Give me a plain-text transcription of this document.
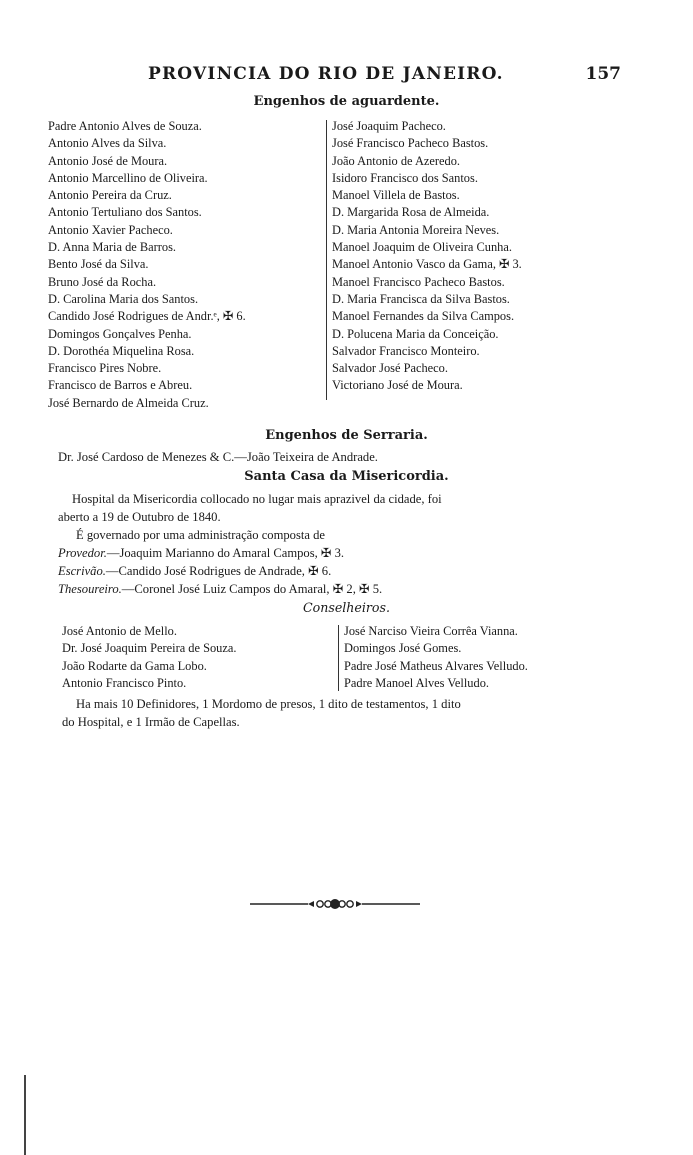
PROVINCIA DO RIO DE JANEIRO.	157
Engenhos de aguardente.
Padre Antonio Alves de Souza.
Antonio Alves da Silva.
Antonio José de Moura.
Antonio Marcellino de Oliveira.
Antonio Pereira da Cruz.
Antonio Tertuliano dos Santos.
Antonio Xavier Pacheco.
D. Anna Maria de Barros.
Bento José da Silva.
Bruno José da Rocha.
D. Carolina Maria dos Santos.
Candido José Rodrigues de Andr.ᵉ, ✠ 6.
Domingos Gonçalves Penha.
D. Dorothéa Miquelina Rosa.
Francisco Pires Nobre.
Francisco de Barros e Abreu.
José Bernardo de Almeida Cruz.
José Joaquim Pacheco.
José Francisco Pacheco Bastos.
João Antonio de Azeredo.
Isidoro Francisco dos Santos.
Manoel Villela de Bastos.
D. Margarida Rosa de Almeida.
D. Maria Antonia Moreira Neves.
Manoel Joaquim de Oliveira Cunha.
Manoel Antonio Vasco da Gama, ✠ 3.
Manoel Francisco Pacheco Bastos.
D. Maria Francisca da Silva Bastos.
Manoel Fernandes da Silva Campos.
D. Polucena Maria da Conceição.
Salvador Francisco Monteiro.
Salvador José Pacheco.
Victoriano José de Moura.
Engenhos de Serraria.
Dr. José Cardoso de Menezes & C.—João Teixeira de Andrade.
Santa Casa da Misericordia.
Hospital da Misericordia collocado no lugar mais aprazivel da cidade, foi
aberto a 19 de Outubro de 1840.
É governado por uma administração composta de
Provedor.—Joaquim Marianno do Amaral Campos, ✠ 3.
Escrivão.—Candido José Rodrigues de Andrade, ✠ 6.
Thesoureiro.—Coronel José Luiz Campos do Amaral, ✠ 2, ✠ 5.
Conselheiros.
José Antonio de Mello.
Dr. José Joaquim Pereira de Souza.
João Rodarte da Gama Lobo.
Antonio Francisco Pinto.
José Narciso Vieira Corrêa Vianna.
Domingos José Gomes.
Padre José Matheus Alvares Velludo.
Padre Manoel Alves Velludo.
Ha mais 10 Definidores, 1 Mordomo de presos, 1 dito de testamentos, 1 dito
do Hospital, e 1 Irmão de Capellas.
